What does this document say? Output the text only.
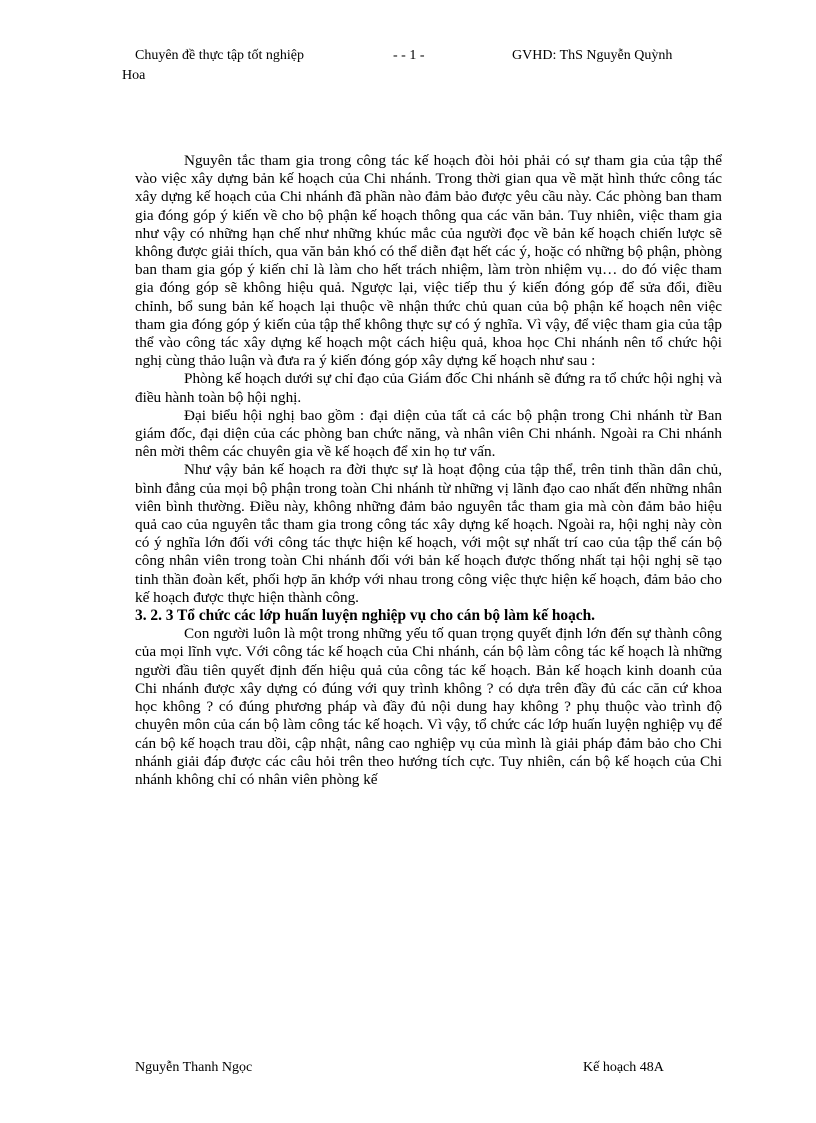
Chuyên đề thực tập tốt nghiệp	- - 1 -	GVHD: ThS Nguyễn Quỳnh
Hoa

Nguyên tắc tham gia trong công tác kế hoạch đòi hỏi phải có sự tham gia của tập thể vào việc xây dựng bản kế hoạch của Chi nhánh. Trong thời gian qua về mặt hình thức công tác xây dựng kế hoạch của Chi nhánh đã phần nào đảm bảo được yêu cầu này. Các phòng ban tham gia đóng góp ý kiến về cho bộ phận kế hoạch thông qua các văn bản. Tuy nhiên, việc tham gia như vậy có những hạn chế như những khúc mắc của người đọc về bản kế hoạch chiến lược sẽ không được giải thích, qua văn bản khó có thể diễn đạt hết các ý, hoặc có những bộ phận, phòng ban tham gia góp ý kiến chỉ là làm cho hết trách nhiệm, làm tròn nhiệm vụ… do đó việc tham gia đóng góp sẽ không hiệu quả. Ngược lại, việc tiếp thu ý kiến đóng góp để sửa đổi, điều chỉnh, bổ sung bản kế hoạch lại thuộc về nhận thức chủ quan của bộ phận kế hoạch nên việc tham gia đóng góp ý kiến của tập thể không thực sự có ý nghĩa. Vì vậy, để việc tham gia của tập thể vào công tác xây dựng kế hoạch một cách hiệu quả, khoa học Chi nhánh nên tổ chức hội nghị cùng thảo luận và đưa ra ý kiến đóng góp xây dựng kế hoạch như sau :

Phòng kế hoạch dưới sự chỉ đạo của Giám đốc Chi nhánh sẽ đứng ra tổ chức hội nghị và điều hành toàn bộ hội nghị.

Đại biểu hội nghị bao gồm : đại diện của tất cả các bộ phận trong Chi nhánh từ Ban giám đốc, đại diện của các phòng ban chức năng, và nhân viên Chi nhánh. Ngoài ra Chi nhánh nên mời thêm các chuyên gia về kế hoạch để xin họ tư vấn.

Như vậy bản kế hoạch ra đời thực sự là hoạt động của tập thể, trên tinh thần dân chủ, bình đẳng của mọi bộ phận trong toàn Chi nhánh từ những vị lãnh đạo cao nhất đến những nhân viên bình thường. Điều này, không những đảm bảo nguyên tắc tham gia mà còn đảm bảo hiệu quả cao của nguyên tắc tham gia trong công tác xây dựng kế hoạch. Ngoài ra, hội nghị này còn có ý nghĩa lớn đối với công tác thực hiện kế hoạch, với một sự nhất trí cao của tập thể cán bộ công nhân viên trong toàn Chi nhánh đối với bản kế hoạch được thống nhất tại hội nghị sẽ tạo tinh thần đoàn kết, phối hợp ăn khớp với nhau trong công việc thực hiện kế hoạch, đảm bảo cho kế hoạch được thực hiện thành công.

3. 2. 3 Tổ chức các lớp huấn luyện nghiệp vụ cho cán bộ làm kế hoạch.

Con người luôn là một trong những yếu tố quan trọng quyết định lớn đến sự thành công của mọi lĩnh vực. Với công tác kế hoạch của Chi nhánh, cán bộ làm công tác kế hoạch là những người đầu tiên quyết định đến hiệu quả của công tác kế hoạch. Bản kế hoạch kinh doanh của Chi nhánh được xây dựng có đúng với quy trình không ? có dựa trên đầy đủ các căn cứ khoa học không ? có đúng phương pháp và đầy đủ nội dung hay không ? phụ thuộc vào trình độ chuyên môn của cán bộ làm công tác kế hoạch. Vì vậy, tổ chức các lớp huấn luyện nghiệp vụ để cán bộ kế hoạch trau dồi, cập nhật, nâng cao nghiệp vụ của mình là giải pháp đảm bảo cho Chi nhánh giải đáp được các câu hỏi trên theo hướng tích cực. Tuy nhiên, cán bộ kế hoạch của Chi nhánh không chỉ có nhân viên phòng kế

Nguyễn Thanh Ngọc	Kế hoạch 48A
